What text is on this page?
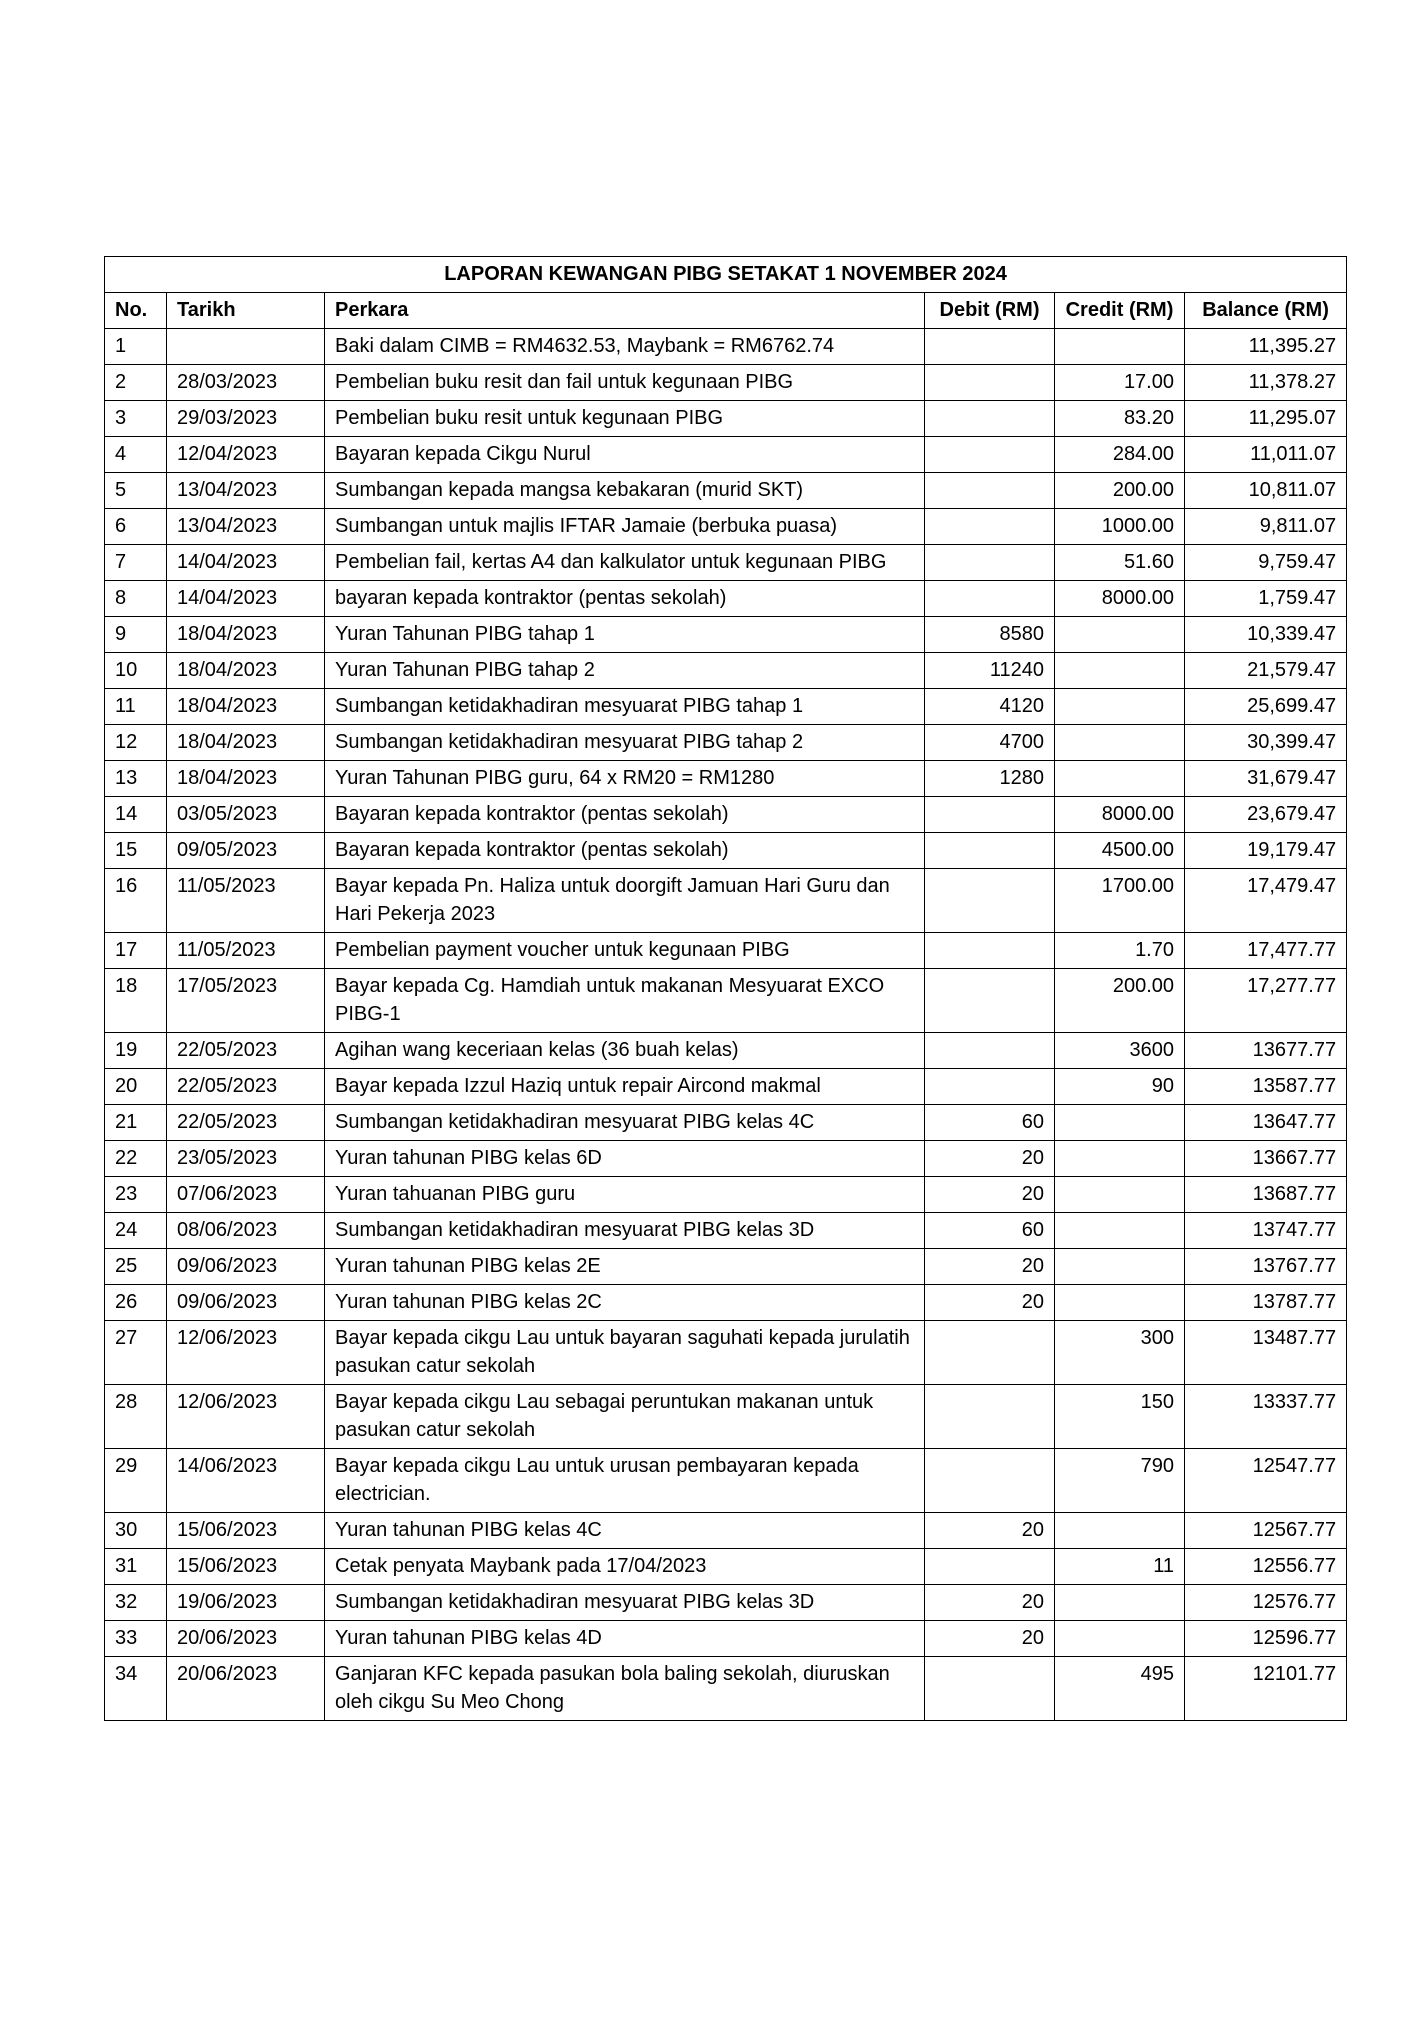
LAPORAN KEWANGAN PIBG SETAKAT 1 NOVEMBER 2024					
No.	Tarikh	Perkara	Debit (RM)	Credit (RM)	Balance (RM)
1		Baki dalam CIMB = RM4632.53, Maybank = RM6762.74			11,395.27
2	28/03/2023	Pembelian buku resit dan fail untuk kegunaan PIBG		17.00	11,378.27
3	29/03/2023	Pembelian buku resit untuk kegunaan PIBG		83.20	11,295.07
4	12/04/2023	Bayaran kepada Cikgu Nurul		284.00	11,011.07
5	13/04/2023	Sumbangan kepada mangsa kebakaran (murid SKT)		200.00	10,811.07
6	13/04/2023	Sumbangan untuk majlis IFTAR Jamaie (berbuka puasa)		1000.00	9,811.07
7	14/04/2023	Pembelian fail, kertas A4 dan kalkulator untuk kegunaan PIBG		51.60	9,759.47
8	14/04/2023	bayaran kepada kontraktor (pentas sekolah)		8000.00	1,759.47
9	18/04/2023	Yuran Tahunan PIBG tahap 1	8580		10,339.47
10	18/04/2023	Yuran Tahunan PIBG tahap 2	11240		21,579.47
11	18/04/2023	Sumbangan ketidakhadiran mesyuarat PIBG tahap 1	4120		25,699.47
12	18/04/2023	Sumbangan ketidakhadiran mesyuarat PIBG tahap 2	4700		30,399.47
13	18/04/2023	Yuran Tahunan PIBG guru, 64 x RM20 = RM1280	1280		31,679.47
14	03/05/2023	Bayaran kepada kontraktor (pentas sekolah)		8000.00	23,679.47
15	09/05/2023	Bayaran kepada kontraktor (pentas sekolah)		4500.00	19,179.47
16	11/05/2023	Bayar kepada Pn. Haliza untuk doorgift Jamuan Hari Guru dan Hari Pekerja 2023		1700.00	17,479.47
17	11/05/2023	Pembelian payment voucher untuk kegunaan PIBG		1.70	17,477.77
18	17/05/2023	Bayar kepada Cg. Hamdiah untuk makanan Mesyuarat EXCO PIBG-1		200.00	17,277.77
19	22/05/2023	Agihan wang keceriaan kelas (36 buah kelas)		3600	13677.77
20	22/05/2023	Bayar kepada Izzul Haziq untuk repair Aircond makmal		90	13587.77
21	22/05/2023	Sumbangan ketidakhadiran mesyuarat PIBG kelas 4C	60		13647.77
22	23/05/2023	Yuran tahunan PIBG kelas 6D	20		13667.77
23	07/06/2023	Yuran tahuanan PIBG guru	20		13687.77
24	08/06/2023	Sumbangan ketidakhadiran mesyuarat PIBG kelas 3D	60		13747.77
25	09/06/2023	Yuran tahunan PIBG kelas 2E	20		13767.77
26	09/06/2023	Yuran tahunan PIBG kelas 2C	20		13787.77
27	12/06/2023	Bayar kepada cikgu Lau untuk bayaran saguhati kepada jurulatih pasukan catur sekolah		300	13487.77
28	12/06/2023	Bayar kepada cikgu Lau sebagai peruntukan makanan untuk pasukan catur sekolah		150	13337.77
29	14/06/2023	Bayar kepada cikgu Lau untuk urusan pembayaran kepada electrician.		790	12547.77
30	15/06/2023	Yuran tahunan PIBG kelas 4C	20		12567.77
31	15/06/2023	Cetak penyata Maybank pada 17/04/2023		11	12556.77
32	19/06/2023	Sumbangan ketidakhadiran mesyuarat PIBG kelas 3D	20		12576.77
33	20/06/2023	Yuran tahunan PIBG kelas 4D	20		12596.77
34	20/06/2023	Ganjaran KFC kepada pasukan bola baling sekolah, diuruskan oleh cikgu Su Meo Chong		495	12101.77
